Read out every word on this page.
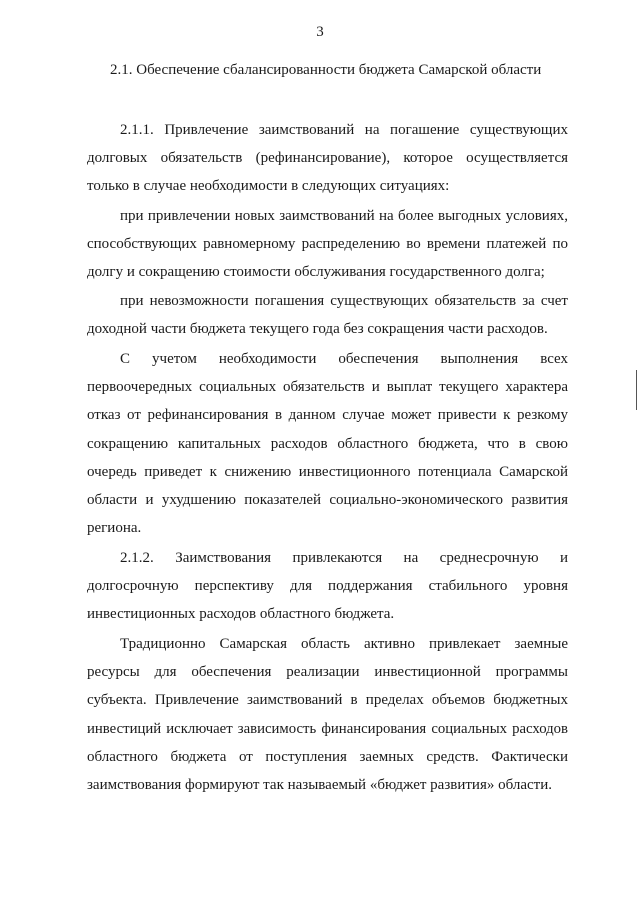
3
2.1. Обеспечение сбалансированности бюджета Самарской области
2.1.1. Привлечение заимствований на погашение существующих
долговых обязательств (рефинансирование), которое осуществляется
только в случае необходимости в следующих ситуациях:
при привлечении новых заимствований на более выгодных условиях,
способствующих равномерному распределению во времени платежей по
долгу и сокращению стоимости обслуживания государственного долга;
при невозможности погашения существующих обязательств за счет
доходной части бюджета текущего года без сокращения части расходов.
С учетом необходимости обеспечения выполнения всех
первоочередных социальных обязательств и выплат текущего характера
отказ от рефинансирования в данном случае может привести к резкому
сокращению капитальных расходов областного бюджета, что в свою
очередь приведет к снижению инвестиционного потенциала Самарской
области и ухудшению показателей социально-экономического развития
региона.
2.1.2. Заимствования привлекаются на среднесрочную и
долгосрочную перспективу для поддержания стабильного уровня
инвестиционных расходов областного бюджета.
Традиционно Самарская область активно привлекает заемные
ресурсы для обеспечения реализации инвестиционной программы
субъекта. Привлечение заимствований в пределах объемов бюджетных
инвестиций исключает зависимость финансирования социальных расходов
областного бюджета от поступления заемных средств. Фактически
заимствования формируют так называемый «бюджет развития» области.
